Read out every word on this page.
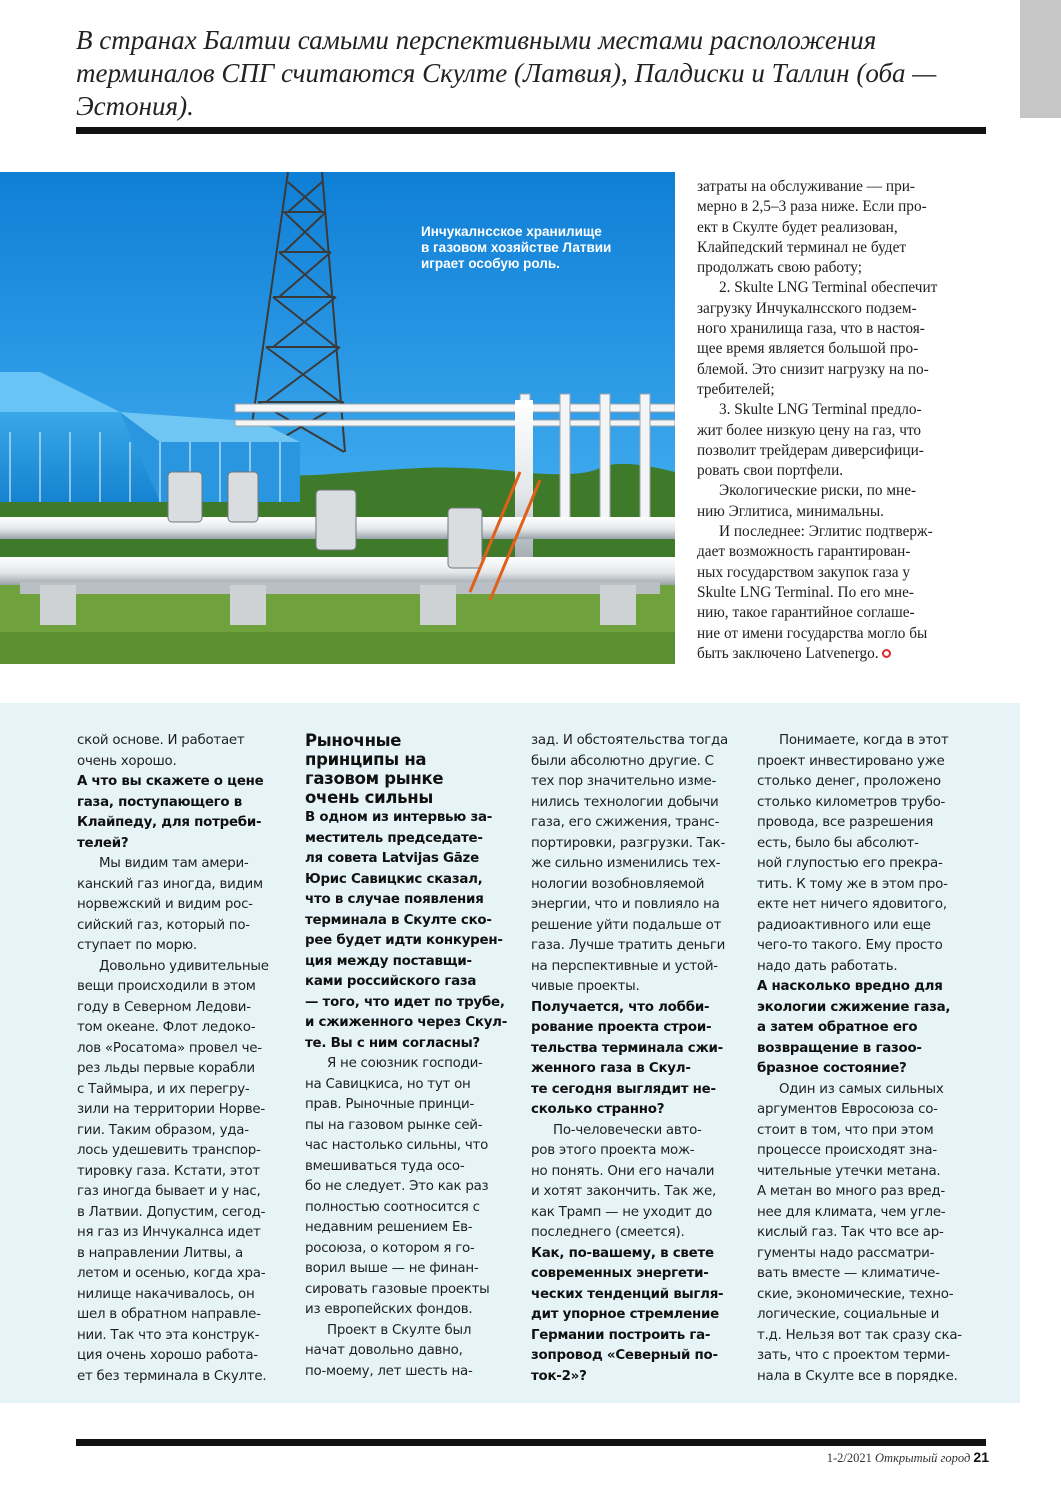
В странах Балтии самыми перспективными местами расположения
терминалов СПГ считаются Скулте (Латвия), Палдиски и Таллин (оба —
Эстония).
Инчукалнсское хранилище
в газовом хозяйстве Латвии
играет особую роль.
затраты на обслуживание — при-
мерно в 2,5–3 раза ниже. Если про-
ект в Скулте будет реализован,
Клайпедский терминал не будет
продолжать свою работу;
2. Skulte LNG Terminal обеспечит
загрузку Инчукалнсского подзем-
ного хранилища газа, что в настоя-
щее время является большой про-
блемой. Это снизит нагрузку на по-
требителей;
3. Skulte LNG Terminal предло-
жит более низкую цену на газ, что
позволит трейдерам диверсифици-
ровать свои портфели.
Экологические риски, по мне-
нию Эглитиса, минимальны.
И последнее: Эглитис подтверж-
дает возможность гарантирован-
ных государством закупок газа у
Skulte LNG Terminal. По его мне-
нию, такое гарантийное соглаше-
ние от имени государства могло бы
быть заключено Latvenergo.
ской основе. И работает
очень хорошо.
А что вы скажете о цене
газа, поступающего в
Клайпеду, для потреби-
телей?
Мы видим там амери-
канский газ иногда, видим
норвежский и видим рос-
сийский газ, который по-
ступает по морю.
Довольно удивительные
вещи происходили в этом
году в Северном Ледови-
том океане. Флот ледоко-
лов «Росатома» провел че-
рез льды первые корабли
с Таймыра, и их перегру-
зили на территории Норве-
гии. Таким образом, уда-
лось удешевить транспор-
тировку газа. Кстати, этот
газ иногда бывает и у нас,
в Латвии. Допустим, сегод-
ня газ из Инчукалнса идет
в направлении Литвы, а
летом и осенью, когда хра-
нилище накачивалось, он
шел в обратном направле-
нии. Так что эта конструк-
ция очень хорошо работа-
ет без терминала в Скулте.
Рыночные
принципы на
газовом рынке
очень сильны
В одном из интервью за-
меститель председате-
ля совета Latvijas Gāze
Юрис Савицкис сказал,
что в случае появления
терминала в Скулте ско-
рее будет идти конкурен-
ция между поставщи-
ками российского газа
— того, что идет по трубе,
и сжиженного через Скул-
те. Вы с ним согласны?
Я не союзник господи-
на Савицкиса, но тут он
прав. Рыночные принци-
пы на газовом рынке сей-
час настолько сильны, что
вмешиваться туда осо-
бо не следует. Это как раз
полностью соотносится с
недавним решением Ев-
росоюза, о котором я го-
ворил выше — не финан-
сировать газовые проекты
из европейских фондов.
Проект в Скулте был
начат довольно давно,
по-моему, лет шесть на-
зад. И обстоятельства тогда
были абсолютно другие. С
тех пор значительно изме-
нились технологии добычи
газа, его сжижения, транс-
портировки, разгрузки. Так-
же сильно изменились тех-
нологии возобновляемой
энергии, что и повлияло на
решение уйти подальше от
газа. Лучше тратить деньги
на перспективные и устой-
чивые проекты.
Получается, что лобби-
рование проекта строи-
тельства терминала сжи-
женного газа в Скул-
те сегодня выглядит не-
сколько странно?
По-человечески авто-
ров этого проекта мож-
но понять. Они его начали
и хотят закончить. Так же,
как Трамп — не уходит до
последнего (смеется).
Как, по-вашему, в свете
современных энергети-
ческих тенденций выгля-
дит упорное стремление
Германии построить га-
зопровод «Северный по-
ток-2»?
Понимаете, когда в этот
проект инвестировано уже
столько денег, проложено
столько километров трубо-
провода, все разрешения
есть, было бы абсолют-
ной глупостью его прекра-
тить. К тому же в этом про-
екте нет ничего ядовитого,
радиоактивного или еще
чего-то такого. Ему просто
надо дать работать.
А насколько вредно для
экологии сжижение газа,
а затем обратное его
возвращение в газоо-
бразное состояние?
Один из самых сильных
аргументов Евросоюза со-
стоит в том, что при этом
процессе происходят зна-
чительные утечки метана.
А метан во много раз вред-
нее для климата, чем угле-
кислый газ. Так что все ар-
гументы надо рассматри-
вать вместе — климатиче-
ские, экономические, техно-
логические, социальные и
т.д. Нельзя вот так сразу ска-
зать, что с проектом терми-
нала в Скулте все в порядке.
1-2/2021 Открытый город 21
